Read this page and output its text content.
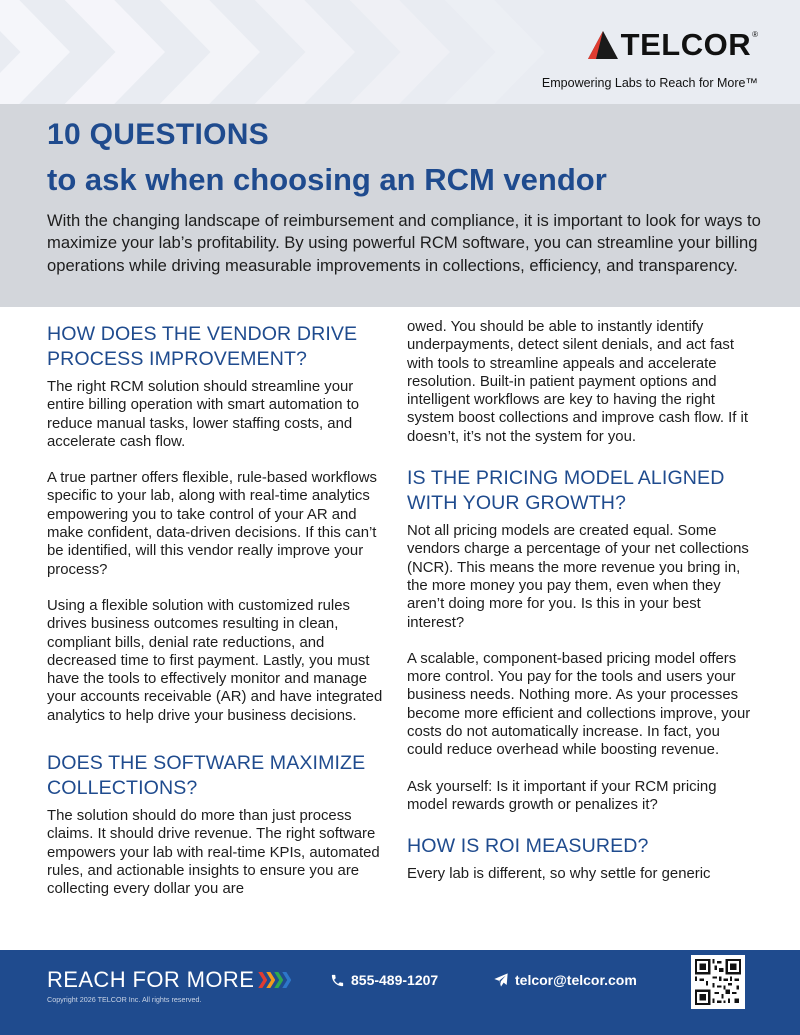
TELCOR ®
Empowering Labs to Reach for More™
10 QUESTIONS
to ask when choosing an RCM vendor
With the changing landscape of reimbursement and compliance, it is important to look for ways to maximize your lab’s profitability. By using powerful RCM software, you can streamline your billing operations while driving measurable improvements in collections, efficiency, and transparency.
HOW DOES THE VENDOR DRIVE PROCESS IMPROVEMENT?
The right RCM solution should streamline your entire billing operation with smart automation to reduce manual tasks, lower staffing costs, and accelerate cash flow.
A true partner offers flexible, rule-based workflows specific to your lab, along with real-time analytics empowering you to take control of your AR and make confident, data-driven decisions. If this can’t be identified, will this vendor really improve your process?
Using a flexible solution with customized rules drives business outcomes resulting in clean, compliant bills, denial rate reductions, and decreased time to first payment. Lastly, you must have the tools to effectively monitor and manage your accounts receivable (AR) and have integrated analytics to help drive your business decisions.
DOES THE SOFTWARE MAXIMIZE COLLECTIONS?
The solution should do more than just process claims. It should drive revenue. The right software empowers your lab with real-time KPIs, automated rules, and actionable insights to ensure you are collecting every dollar you are
owed. You should be able to instantly identify underpayments, detect silent denials, and act fast with tools to streamline appeals and accelerate resolution. Built-in patient payment options and intelligent workflows are key to having the right system boost collections and improve cash flow. If it doesn’t, it’s not the system for you.
IS THE PRICING MODEL ALIGNED WITH YOUR GROWTH?
Not all pricing models are created equal. Some vendors charge a percentage of your net collections (NCR). This means the more revenue you bring in, the more money you pay them, even when they aren’t doing more for you. Is this in your best interest?
A scalable, component-based pricing model offers more control. You pay for the tools and users your business needs. Nothing more. As your processes become more efficient and collections improve, your costs do not automatically increase. In fact, you could reduce overhead while boosting revenue.
Ask yourself: Is it important if your RCM pricing model rewards growth or penalizes it?
HOW IS ROI MEASURED?
Every lab is different, so why settle for generic
REACH FOR MORE
Copyright 2026 TELCOR Inc. All rights reserved.
855-489-1207	telcor@telcor.com
